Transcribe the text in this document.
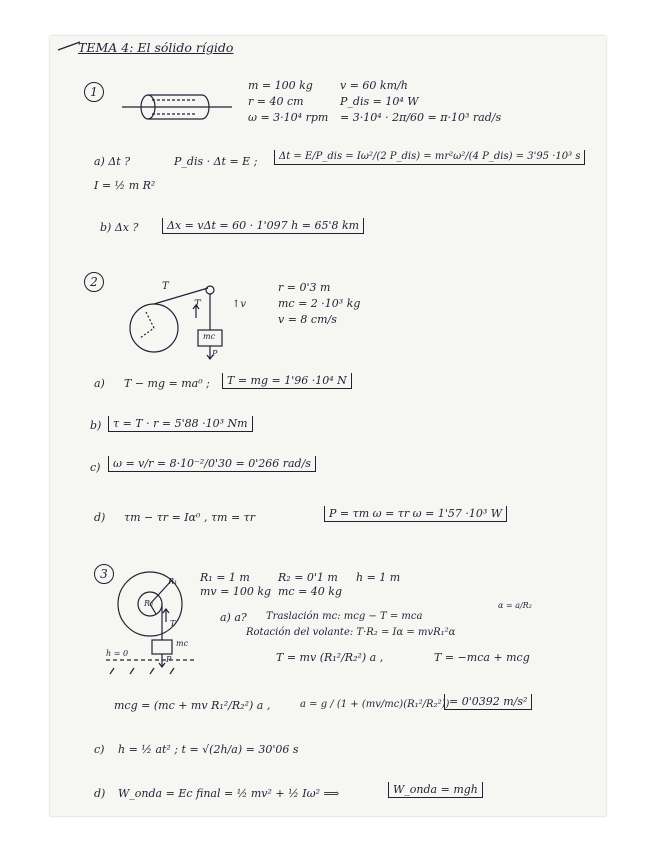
TEMA 4: El sólido rígido
1	m = 100 kg
r = 40 cm
ω = 3·10⁴ rpm
v = 60 km/h
P_dis = 10⁴ W
= 3·10⁴ · 2π/60 = π·10³ rad/s
a) Δt ?	P_dis · Δt = E ;	Δt = E/P_dis = Iω²/(2 P_dis) = mr²ω²/(4 P_dis) = 3'95 ·10³ s
I = ½ m R²
b) Δx ?	Δx = vΔt = 60 · 1'097 h = 65'8 km
2	T
T	↑v
mc
P
r = 0'3 m
mc = 2 ·10³ kg
v = 8 cm/s
a) T − mg = ma⁰ ;	T = mg = 1'96 ·10⁴ N
b)	τ = T · r = 5'88 ·10³ Nm
c)	ω = v/r = 8·10⁻²/0'30 = 0'266 rad/s
d) τm − τr = Iα⁰ , τm = τr	P = τm ω = τr ω = 1'57 ·10³ W
3
R₂
R₁
T
mc
P
h = 0
R₁ = 1 m
mv = 100 kg
R₂ = 0'1 m
mc = 40 kg
h = 1 m
a) a? Traslación mc: mcg − T = mca
α = a/R₂
Rotación del volante: T·R₂ = Iα = mvR₁²α
T = mv (R₁²/R₂²) a ,	T = −mca + mcg
mcg = (mc + mv R₁²/R₂²) a ,	a = g / (1 + (mv/mc)(R₁²/R₂²)) = 0'0392 m/s²
c) h = ½ at² ; t = √(2h/a) = 30'06 s
d) W_onda = Ec final = ½ mv² + ½ Iω² ⟹	W_onda = mgh
